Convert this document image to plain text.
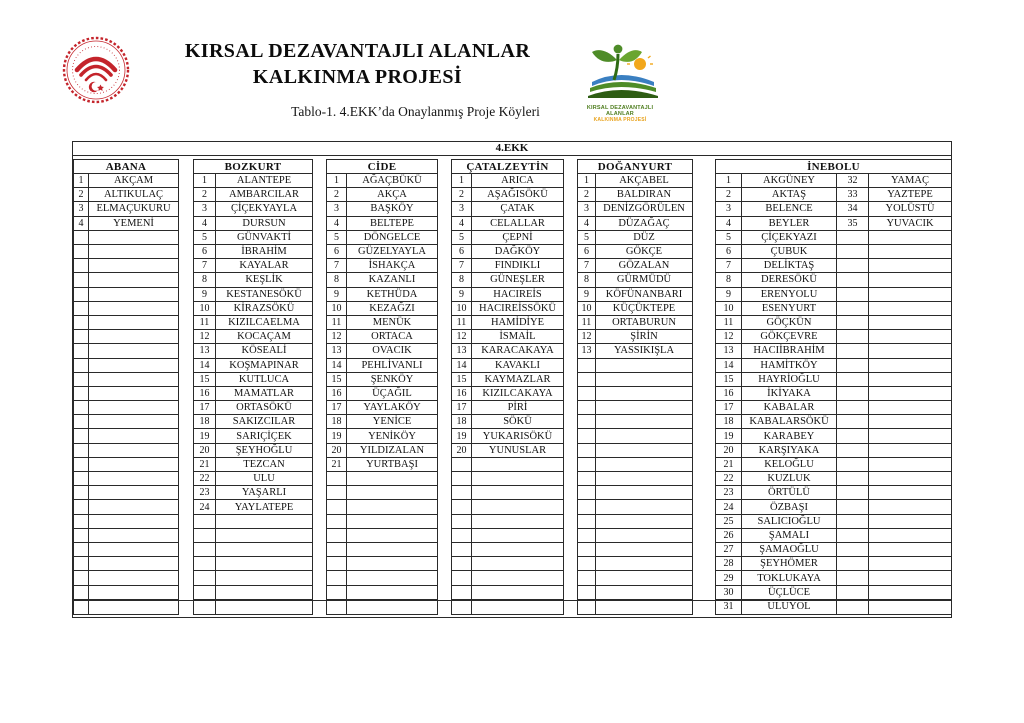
KIRSAL DEZAVANTAJLI ALANLAR
KALKINMA PROJESİ
Tablo-1. 4.EKK’da Onaylanmış Proje Köyleri	KIRSAL DEZAVANTAJLI ALANLAR
KALKINMA PROJESİ
4.EKK
ABANA
1	AKÇAM
2	ALTIKULAÇ
3	ELMAÇUKURU
4	YEMENİ
BOZKURT
1	ALANTEPE
2	AMBARCILAR
3	ÇİÇEKYAYLA
4	DURSUN
5	GÜNVAKTİ
6	İBRAHİM
7	KAYALAR
8	KEŞLİK
9	KESTANESÖKÜ
10	KİRAZSÖKÜ
11	KIZILCAELMA
12	KOCAÇAM
13	KÖSEALİ
14	KOŞMAPINAR
15	KUTLUCA
16	MAMATLAR
17	ORTASÖKÜ
18	SAKIZCILAR
19	SARIÇİÇEK
20	ŞEYHOĞLU
21	TEZCAN
22	ULU
23	YAŞARLI
24	YAYLATEPE
CİDE
1	AĞAÇBÜKÜ
2	AKÇA
3	BAŞKÖY
4	BELTEPE
5	DÖNGELCE
6	GÜZELYAYLA
7	İSHAKÇA
8	KAZANLI
9	KETHÜDA
10	KEZAĞZI
11	MENÜK
12	ORTACA
13	OVACIK
14	PEHLİVANLI
15	ŞENKÖY
16	ÜÇAĞIL
17	YAYLAKÖY
18	YENİCE
19	YENİKÖY
20	YILDIZALAN
21	YURTBAŞI
ÇATALZEYTİN
1	ARICA
2	AŞAĞISÖKÜ
3	ÇATAK
4	CELALLAR
5	ÇEPNİ
6	DAĞKÖY
7	FINDIKLI
8	GÜNEŞLER
9	HACIREİS
10	HACIREİSSÖKÜ
11	HAMİDİYE
12	İSMAİL
13	KARACAKAYA
14	KAVAKLI
15	KAYMAZLAR
16	KIZILCAKAYA
17	PİRİ
18	SÖKÜ
19	YUKARISÖKÜ
20	YUNUSLAR
DOĞANYURT
1	AKÇABEL
2	BALDIRAN
3	DENİZGÖRÜLEN
4	DÜZAĞAÇ
5	DÜZ
6	GÖKÇE
7	GÖZALAN
8	GÜRMÜDÜ
9	KÖFÜNANBARI
10	KÜÇÜKTEPE
11	ORTABURUN
12	ŞİRİN
13	YASSIKIŞLA
İNEBOLU
1	AKGÜNEY	32	YAMAÇ
2	AKTAŞ	33	YAZTEPE
3	BELENCE	34	YOLÜSTÜ
4	BEYLER	35	YUVACIK
5	ÇİÇEKYAZI
6	ÇUBUK
7	DELİKTAŞ
8	DERESÖKÜ
9	ERENYOLU
10	ESENYURT
11	GÖÇKÜN
12	GÖKÇEVRE
13	HACIİBRAHİM
14	HAMİTKÖY
15	HAYRİOĞLU
16	İKİYAKA
17	KABALAR
18	KABALARSÖKÜ
19	KARABEY
20	KARŞIYAKA
21	KELOĞLU
22	KUZLUK
23	ÖRTÜLÜ
24	ÖZBAŞI
25	SALICIOĞLU
26	ŞAMALI
27	ŞAMAOĞLU
28	ŞEYHÖMER
29	TOKLUKAYA
30	ÜÇLÜCE
31	ULUYOL
